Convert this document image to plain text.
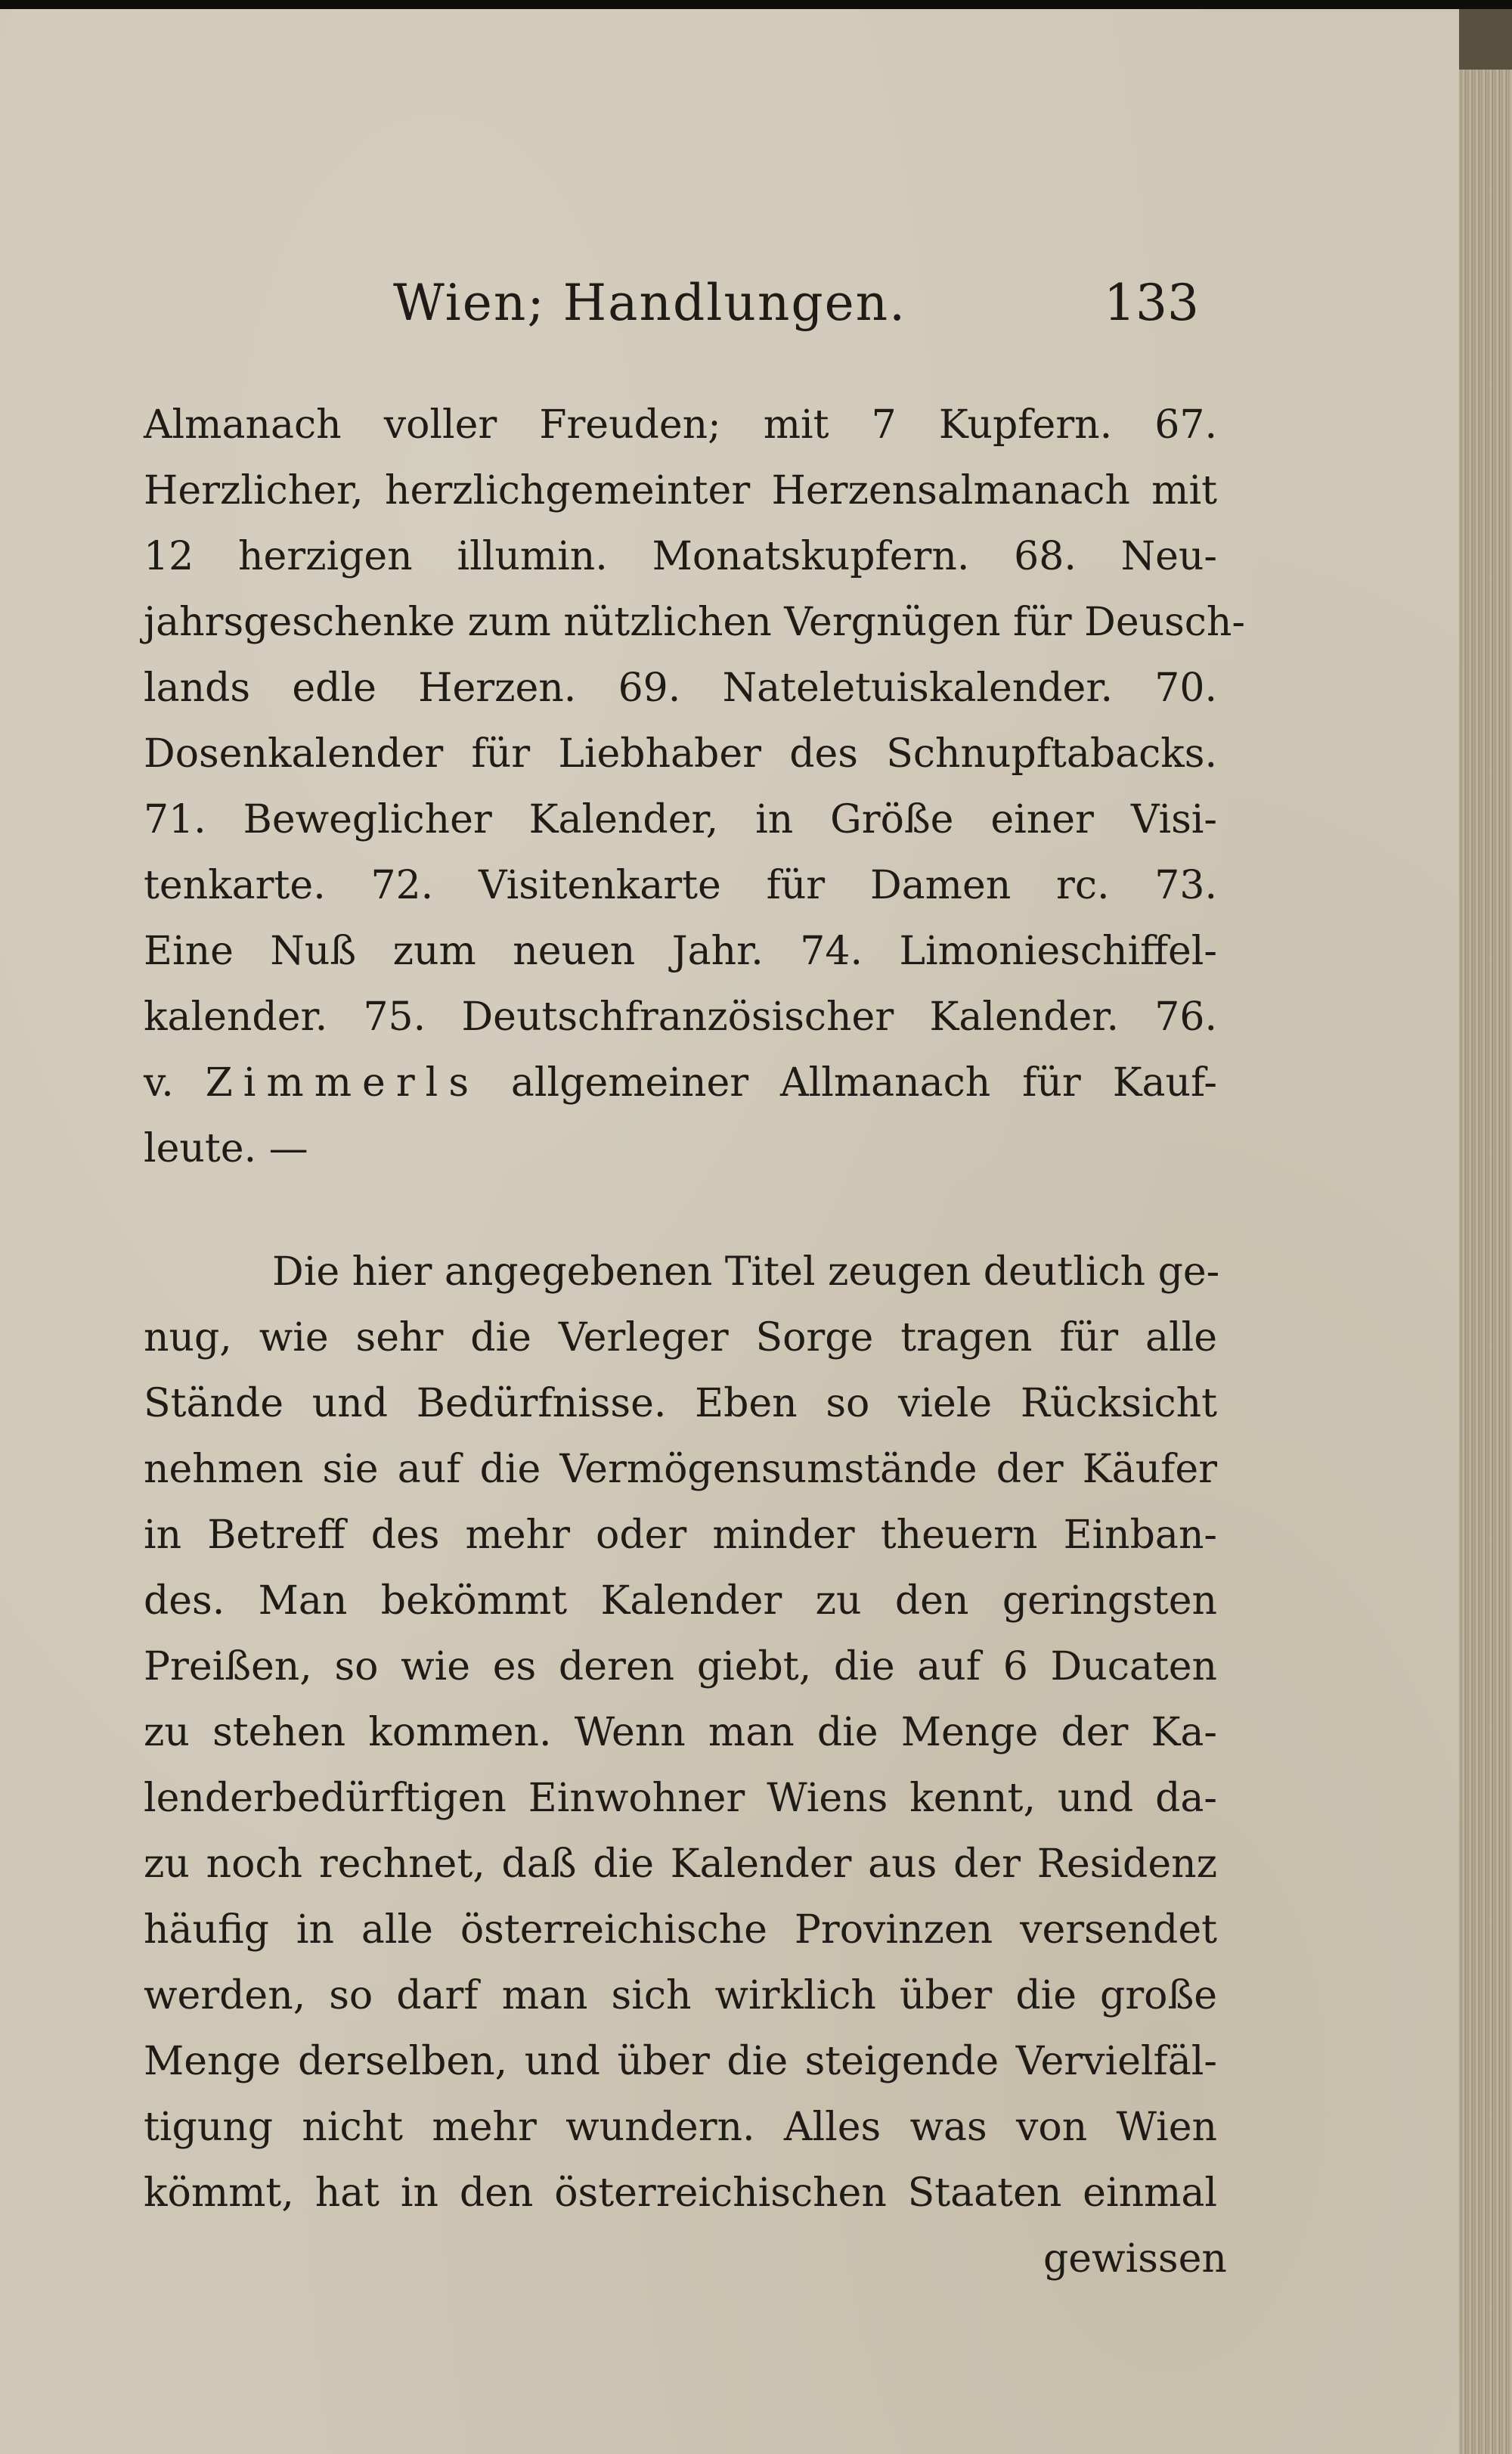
Wien; Handlungen.	133
Almanach voller Freuden; mit 7 Kupfern. 67.
Herzlicher, herzlichgemeinter Herzensalmanach mit
12 herzigen illumin. Monatskupfern. 68. Neu-
jahrsgeschenke zum nützlichen Vergnügen für Deusch-
lands edle Herzen. 69. Nateletuiskalender. 70.
Dosenkalender für Liebhaber des Schnupftabacks.
71. Beweglicher Kalender, in Größe einer Visi-
tenkarte. 72. Visitenkarte für Damen rc. 73.
Eine Nuß zum neuen Jahr. 74. Limonieschiffel-
kalender. 75. Deutschfranzösischer Kalender. 76.
v. Zimmerls allgemeiner Allmanach für Kauf-
leute. —
Die hier angegebenen Titel zeugen deutlich ge-
nug, wie sehr die Verleger Sorge tragen für alle
Stände und Bedürfnisse. Eben so viele Rücksicht
nehmen sie auf die Vermögensumstände der Käufer
in Betreff des mehr oder minder theuern Einban-
des. Man bekömmt Kalender zu den geringsten
Preißen, so wie es deren giebt, die auf 6 Ducaten
zu stehen kommen. Wenn man die Menge der Ka-
lenderbedürftigen Einwohner Wiens kennt, und da-
zu noch rechnet, daß die Kalender aus der Residenz
häufig in alle österreichische Provinzen versendet
werden, so darf man sich wirklich über die große
Menge derselben, und über die steigende Vervielfäl-
tigung nicht mehr wundern. Alles was von Wien
kömmt, hat in den österreichischen Staaten einmal
gewissen
